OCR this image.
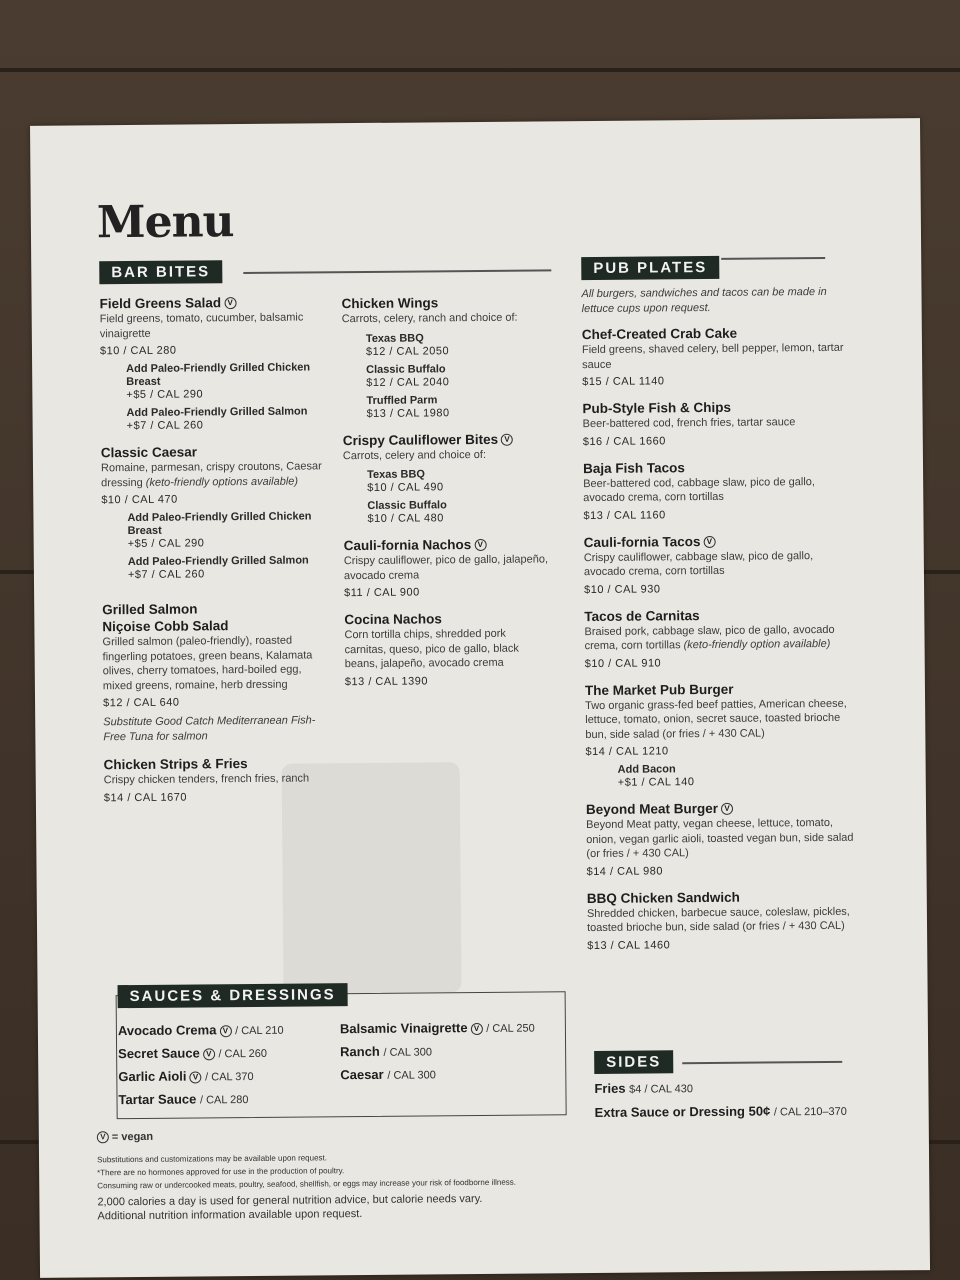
Menu
BAR BITES
Field Greens Salad V
Field greens, tomato, cucumber, balsamic vinaigrette
$10 / CAL 280
Add Paleo-Friendly Grilled Chicken Breast
+$5 / CAL 290
Add Paleo-Friendly Grilled Salmon
+$7 / CAL 260
Classic Caesar
Romaine, parmesan, crispy croutons, Caesar dressing (keto-friendly options available)
$10 / CAL 470
Add Paleo-Friendly Grilled Chicken Breast
+$5 / CAL 290
Add Paleo-Friendly Grilled Salmon
+$7 / CAL 260
Grilled Salmon
Niçoise Cobb Salad
Grilled salmon (paleo-friendly), roasted fingerling potatoes, green beans, Kalamata olives, cherry tomatoes, hard-boiled egg, mixed greens, romaine, herb dressing
$12 / CAL 640
Substitute Good Catch Mediterranean Fish-Free Tuna for salmon
Chicken Strips & Fries
Crispy chicken tenders, french fries, ranch
$14 / CAL 1670
Chicken Wings
Carrots, celery, ranch and choice of:
Texas BBQ
$12 / CAL 2050
Classic Buffalo
$12 / CAL 2040
Truffled Parm
$13 / CAL 1980
Crispy Cauliflower Bites V
Carrots, celery and choice of:
Texas BBQ
$10 / CAL 490
Classic Buffalo
$10 / CAL 480
Cauli-fornia Nachos V
Crispy cauliflower, pico de gallo, jalapeño, avocado crema
$11 / CAL 900
Cocina Nachos
Corn tortilla chips, shredded pork carnitas, queso, pico de gallo, black beans, jalapeño, avocado crema
$13 / CAL 1390
PUB PLATES
All burgers, sandwiches and tacos can be made in lettuce cups upon request.
Chef-Created Crab Cake
Field greens, shaved celery, bell pepper, lemon, tartar sauce
$15 / CAL 1140
Pub-Style Fish & Chips
Beer-battered cod, french fries, tartar sauce
$16 / CAL 1660
Baja Fish Tacos
Beer-battered cod, cabbage slaw, pico de gallo, avocado crema, corn tortillas
$13 / CAL 1160
Cauli-fornia Tacos V
Crispy cauliflower, cabbage slaw, pico de gallo, avocado crema, corn tortillas
$10 / CAL 930
Tacos de Carnitas
Braised pork, cabbage slaw, pico de gallo, avocado crema, corn tortillas (keto-friendly option available)
$10 / CAL 910
The Market Pub Burger
Two organic grass-fed beef patties, American cheese, lettuce, tomato, onion, secret sauce, toasted brioche bun, side salad (or fries / + 430 CAL)
$14 / CAL 1210
Add Bacon
+$1 / CAL 140
Beyond Meat Burger V
Beyond Meat patty, vegan cheese, lettuce, tomato, onion, vegan garlic aioli, toasted vegan bun, side salad (or fries / + 430 CAL)
$14 / CAL 980
BBQ Chicken Sandwich
Shredded chicken, barbecue sauce, coleslaw, pickles, toasted brioche bun, side salad (or fries / + 430 CAL)
$13 / CAL 1460
SIDES
Fries $4 / CAL 430
Extra Sauce or Dressing 50¢ / CAL 210–370
SAUCES & DRESSINGS
Avocado Crema V / CAL 210
Secret Sauce V / CAL 260
Garlic Aioli V / CAL 370
Tartar Sauce / CAL 280
Balsamic Vinaigrette V / CAL 250
Ranch / CAL 300
Caesar / CAL 300
V = vegan
Substitutions and customizations may be available upon request.
*There are no hormones approved for use in the production of poultry.
Consuming raw or undercooked meats, poultry, seafood, shellfish, or eggs may increase your risk of foodborne illness.
2,000 calories a day is used for general nutrition advice, but calorie needs vary.
Additional nutrition information available upon request.
